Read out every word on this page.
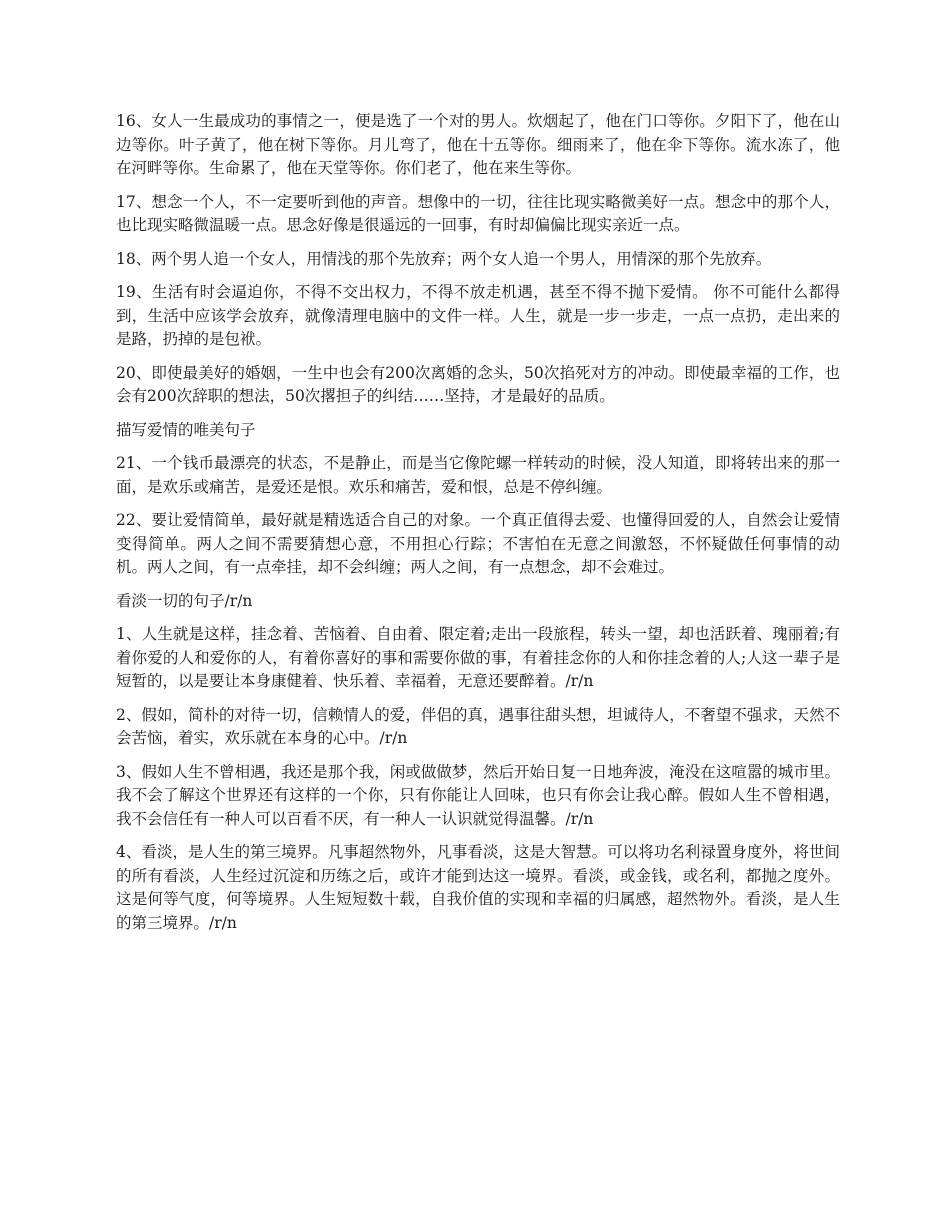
16、女人一生最成功的事情之一，便是选了一个对的男人。炊烟起了，他在门口等你。夕阳下了，他在山边等你。叶子黄了，他在树下等你。月儿弯了，他在十五等你。细雨来了，他在伞下等你。流水冻了，他在河畔等你。生命累了，他在天堂等你。你们老了，他在来生等你。

17、想念一个人，不一定要听到他的声音。想像中的一切，往往比现实略微美好一点。想念中的那个人，也比现实略微温暖一点。思念好像是很遥远的一回事，有时却偏偏比现实亲近一点。

18、两个男人追一个女人，用情浅的那个先放弃；两个女人追一个男人，用情深的那个先放弃。

19、生活有时会逼迫你，不得不交出权力，不得不放走机遇，甚至不得不抛下爱情。 你不可能什么都得到，生活中应该学会放弃，就像清理电脑中的文件一样。人生，就是一步一步走，一点一点扔，走出来的是路，扔掉的是包袱。

20、即使最美好的婚姻，一生中也会有200次离婚的念头，50次掐死对方的冲动。即使最幸福的工作，也会有200次辞职的想法，50次撂担子的纠结……坚持，才是最好的品质。

描写爱情的唯美句子

21、一个钱币最漂亮的状态，不是静止，而是当它像陀螺一样转动的时候，没人知道，即将转出来的那一面，是欢乐或痛苦，是爱还是恨。欢乐和痛苦，爱和恨，总是不停纠缠。

22、要让爱情简单，最好就是精选适合自己的对象。一个真正值得去爱、也懂得回爱的人，自然会让爱情变得简单。两人之间不需要猜想心意，不用担心行踪；不害怕在无意之间激怒，不怀疑做任何事情的动机。两人之间，有一点牵挂，却不会纠缠；两人之间，有一点想念，却不会难过。

看淡一切的句子/r/n

1、人生就是这样，挂念着、苦恼着、自由着、限定着;走出一段旅程，转头一望，却也活跃着、瑰丽着;有着你爱的人和爱你的人，有着你喜好的事和需要你做的事，有着挂念你的人和你挂念着的人;人这一辈子是短暂的，以是要让本身康健着、快乐着、幸福着，无意还要醉着。/r/n

2、假如，简朴的对待一切，信赖情人的爱，伴侣的真，遇事往甜头想，坦诚待人，不奢望不强求，天然不会苦恼，着实，欢乐就在本身的心中。/r/n

3、假如人生不曾相遇，我还是那个我，闲或做做梦，然后开始日复一日地奔波，淹没在这喧嚣的城市里。我不会了解这个世界还有这样的一个你，只有你能让人回味，也只有你会让我心醉。假如人生不曾相遇，我不会信任有一种人可以百看不厌，有一种人一认识就觉得温馨。/r/n

4、看淡，是人生的第三境界。凡事超然物外，凡事看淡，这是大智慧。可以将功名利禄置身度外，将世间的所有看淡，人生经过沉淀和历练之后，或许才能到达这一境界。看淡，或金钱，或名利，都抛之度外。这是何等气度，何等境界。人生短短数十载，自我价值的实现和幸福的归属感，超然物外。看淡，是人生的第三境界。/r/n
